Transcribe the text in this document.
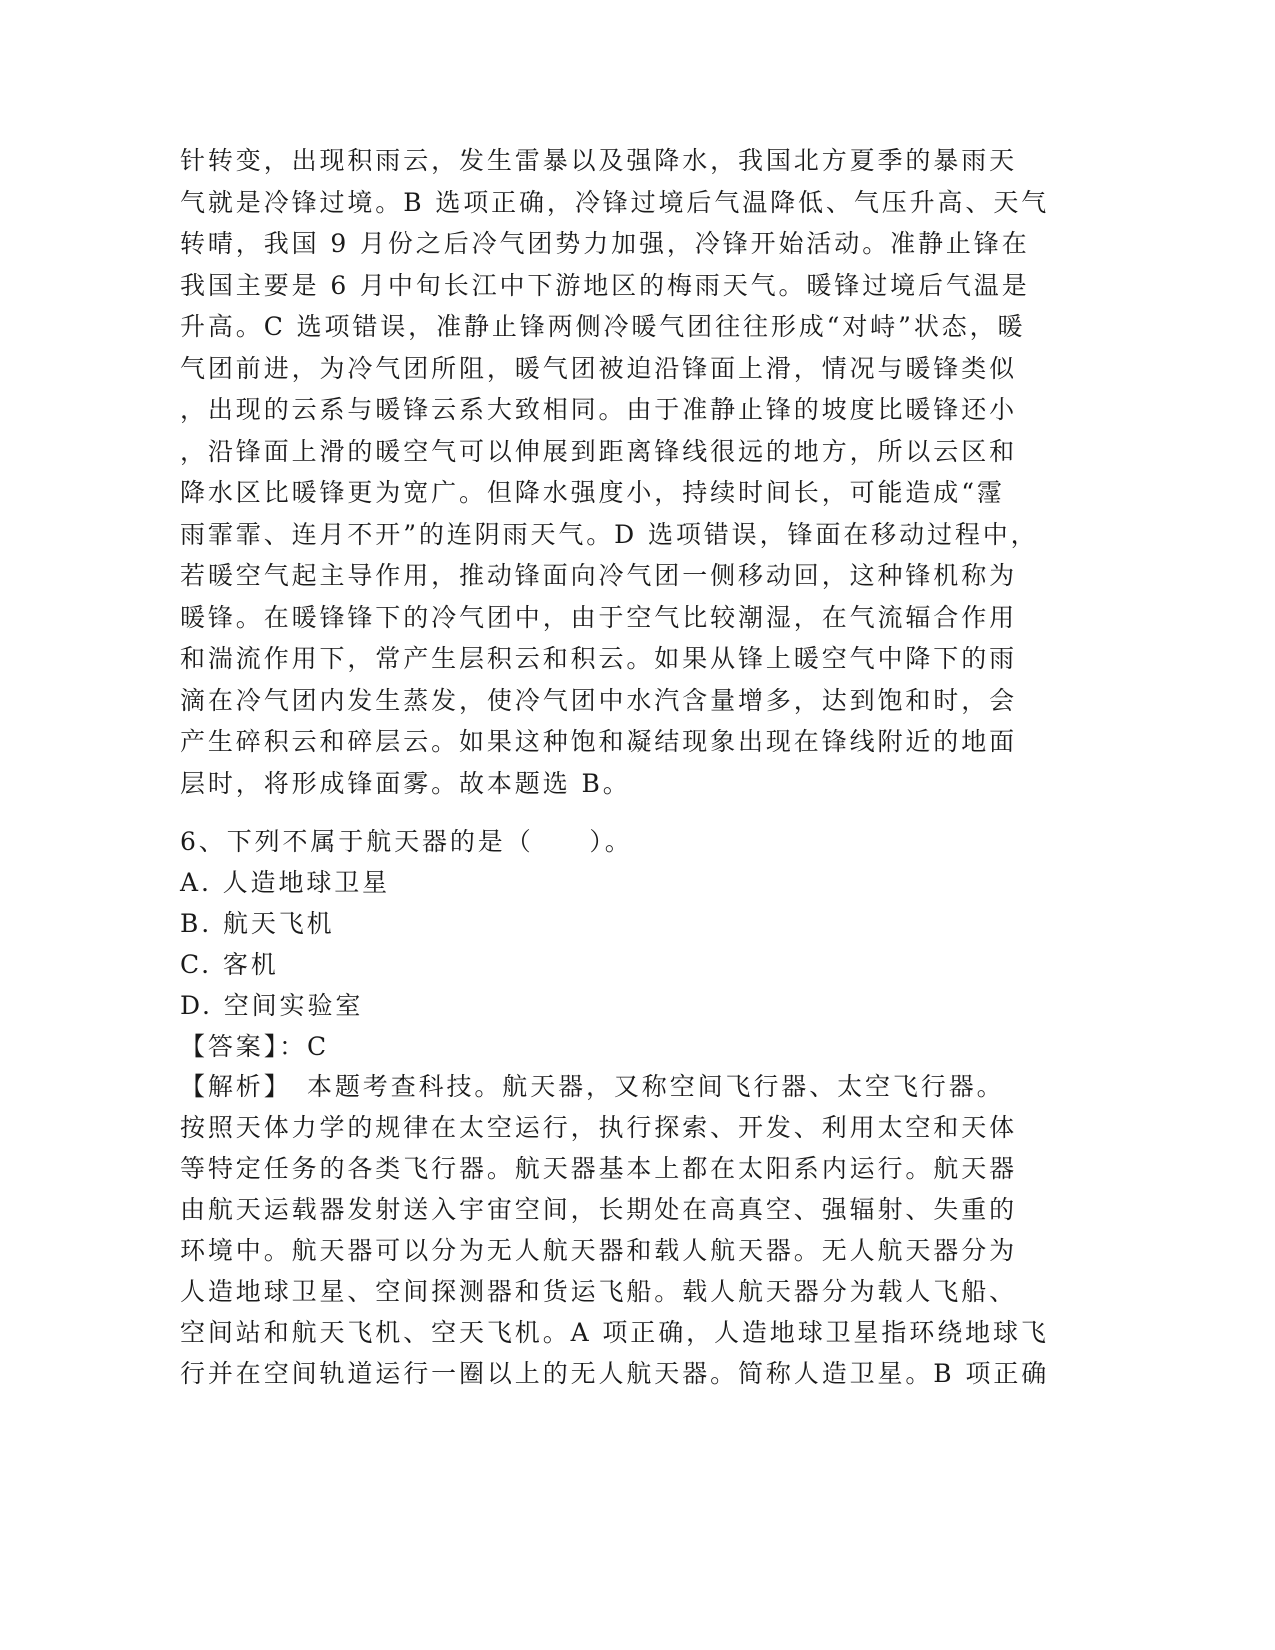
针转变，出现积雨云，发生雷暴以及强降水，我国北方夏季的暴雨天
气就是冷锋过境。B 选项正确，冷锋过境后气温降低、气压升高、天气
转晴，我国 9 月份之后冷气团势力加强，冷锋开始活动。准静止锋在
我国主要是 6 月中旬长江中下游地区的梅雨天气。暖锋过境后气温是
升高。C 选项错误，准静止锋两侧冷暖气团往往形成“对峙”状态，暖
气团前进，为冷气团所阻，暖气团被迫沿锋面上滑，情况与暖锋类似
，出现的云系与暖锋云系大致相同。由于准静止锋的坡度比暖锋还小
，沿锋面上滑的暖空气可以伸展到距离锋线很远的地方，所以云区和
降水区比暖锋更为宽广。但降水强度小，持续时间长，可能造成“霪
雨霏霏、连月不开”的连阴雨天气。D 选项错误，锋面在移动过程中，
若暖空气起主导作用，推动锋面向冷气团一侧移动回，这种锋机称为
暖锋。在暖锋锋下的冷气团中，由于空气比较潮湿，在气流辐合作用
和湍流作用下，常产生层积云和积云。如果从锋上暖空气中降下的雨
滴在冷气团内发生蒸发，使冷气团中水汽含量增多，达到饱和时，会
产生碎积云和碎层云。如果这种饱和凝结现象出现在锋线附近的地面
层时，将形成锋面雾。故本题选 B。
6、下列不属于航天器的是（　　）。
A. 人造地球卫星
B. 航天飞机
C. 客机
D. 空间实验室
【答案】：C
【解析】　本题考查科技。航天器，又称空间飞行器、太空飞行器。
按照天体力学的规律在太空运行，执行探索、开发、利用太空和天体
等特定任务的各类飞行器。航天器基本上都在太阳系内运行。航天器
由航天运载器发射送入宇宙空间，长期处在高真空、强辐射、失重的
环境中。航天器可以分为无人航天器和载人航天器。无人航天器分为
人造地球卫星、空间探测器和货运飞船。载人航天器分为载人飞船、
空间站和航天飞机、空天飞机。A 项正确，人造地球卫星指环绕地球飞
行并在空间轨道运行一圈以上的无人航天器。简称人造卫星。B 项正确
